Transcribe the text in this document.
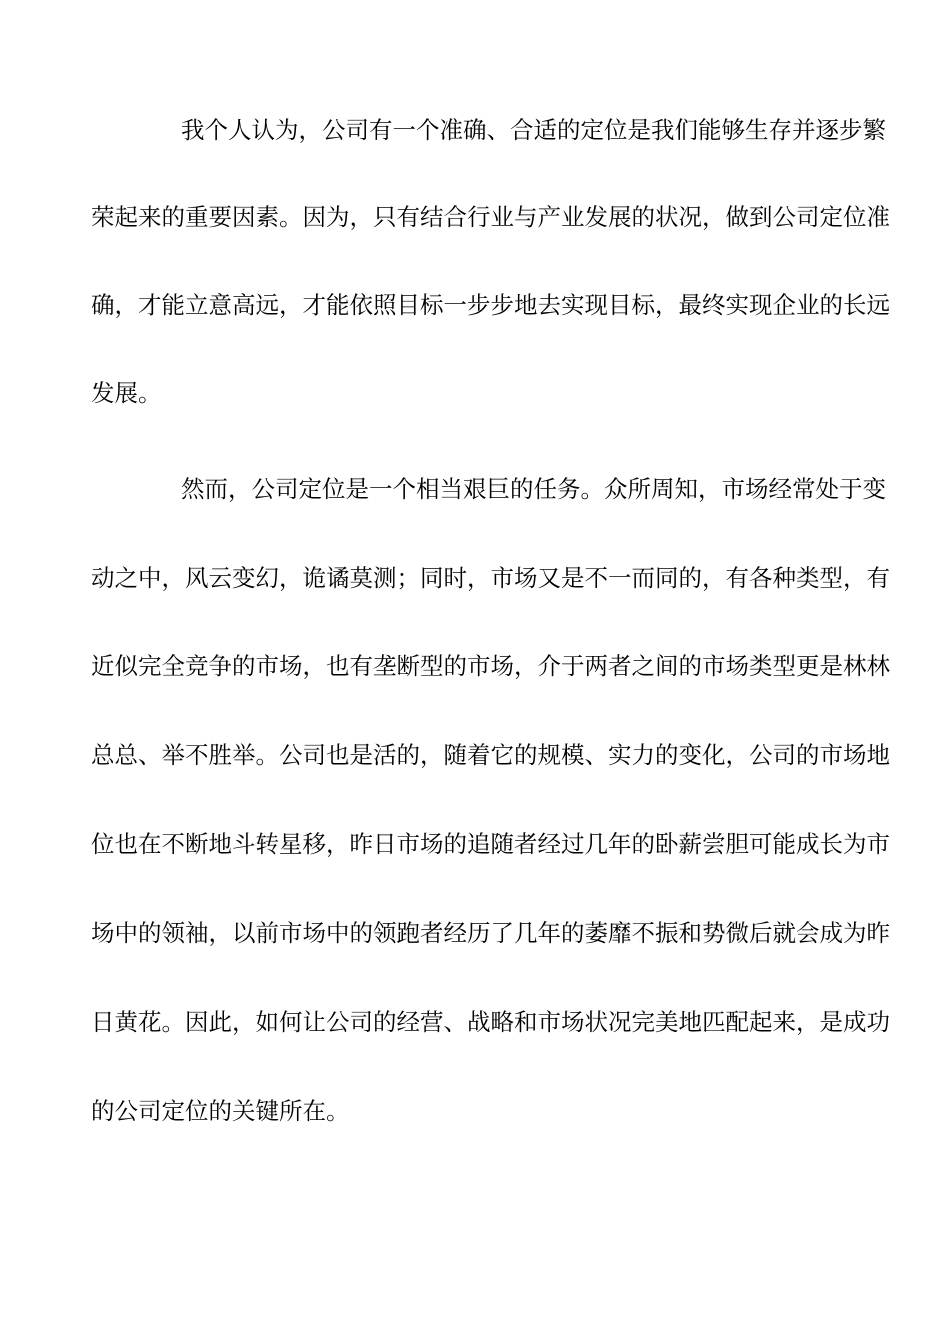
我个人认为，公司有一个准确、合适的定位是我们能够生存并逐步繁
荣起来的重要因素。因为，只有结合行业与产业发展的状况，做到公司定位准
确，才能立意高远，才能依照目标一步步地去实现目标，最终实现企业的长远
发展。
然而，公司定位是一个相当艰巨的任务。众所周知，市场经常处于变
动之中，风云变幻，诡谲莫测；同时，市场又是不一而同的，有各种类型，有
近似完全竞争的市场，也有垄断型的市场，介于两者之间的市场类型更是林林
总总、举不胜举。公司也是活的，随着它的规模、实力的变化，公司的市场地
位也在不断地斗转星移，昨日市场的追随者经过几年的卧薪尝胆可能成长为市
场中的领袖，以前市场中的领跑者经历了几年的萎靡不振和势微后就会成为昨
日黄花。因此，如何让公司的经营、战略和市场状况完美地匹配起来，是成功
的公司定位的关键所在。
